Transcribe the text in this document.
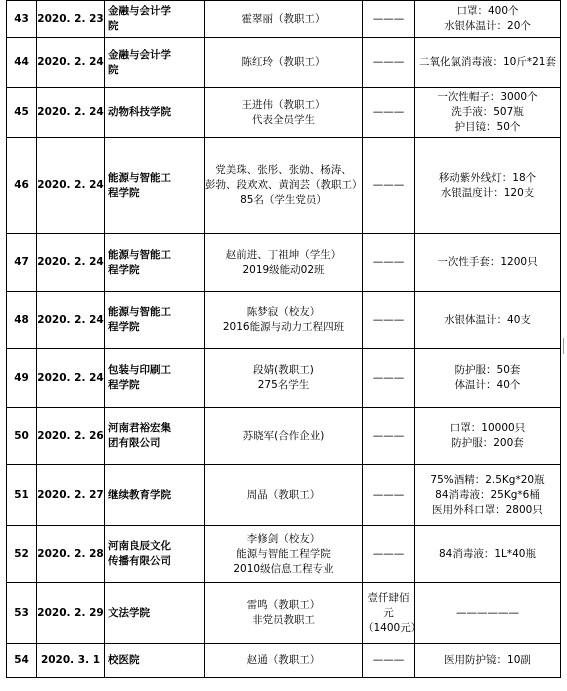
43	2020. 2. 23	金融与会计学
院	霍翠丽（教职工）	———	口罩：400个
水银体温计：20个

44	2020. 2. 24	金融与会计学
院	陈红玲（教职工）	———	二氧化氯消毒液：10斤*21套

45	2020. 2. 24	动物科技学院	王进伟（教职工）
代表全员学生	———	一次性帽子：3000个
洗手液：507瓶
护目镜：50个

46	2020. 2. 24	能源与智能工
程学院	党美珠、张彤、张勍、杨涛、
彭勃、段欢欢、黄润芸（教职工）
85名（学生党员）	———	移动紫外线灯：18个
水银温度计：120支

47	2020. 2. 24	能源与智能工
程学院	赵前进、丁祖坤（学生）
2019级能动02班	———	一次性手套：1200只

48	2020. 2. 24	能源与智能工
程学院	陈梦寂（校友）
2016能源与动力工程四班	———	水银体温计：40支

49	2020. 2. 24	包装与印刷工
程学院	段婧(教职工)
275名学生	———	防护服：50套
体温计：40个

50	2020. 2. 26	河南君裕宏集
团有限公司	苏晓军(合作企业)	———	口罩：10000只
防护服：200套

51	2020. 2. 27	继续教育学院	周晶（教职工）	———	75%酒精：2.5Kg*20瓶
84消毒液：25Kg*6桶
医用外科口罩：2800只

52	2020. 2. 28	河南良辰文化
传播有限公司	李修剑（校友）
能源与智能工程学院
2010级信息工程专业	———	84消毒液：1L*40瓶

53	2020. 2. 29	文法学院	雷鸣（教职工）
非党员教职工	壹仟肆佰
元
（1400元）	——————

54	2020. 3. 1	校医院	赵通（教职工）	———	医用防护镜：10副
